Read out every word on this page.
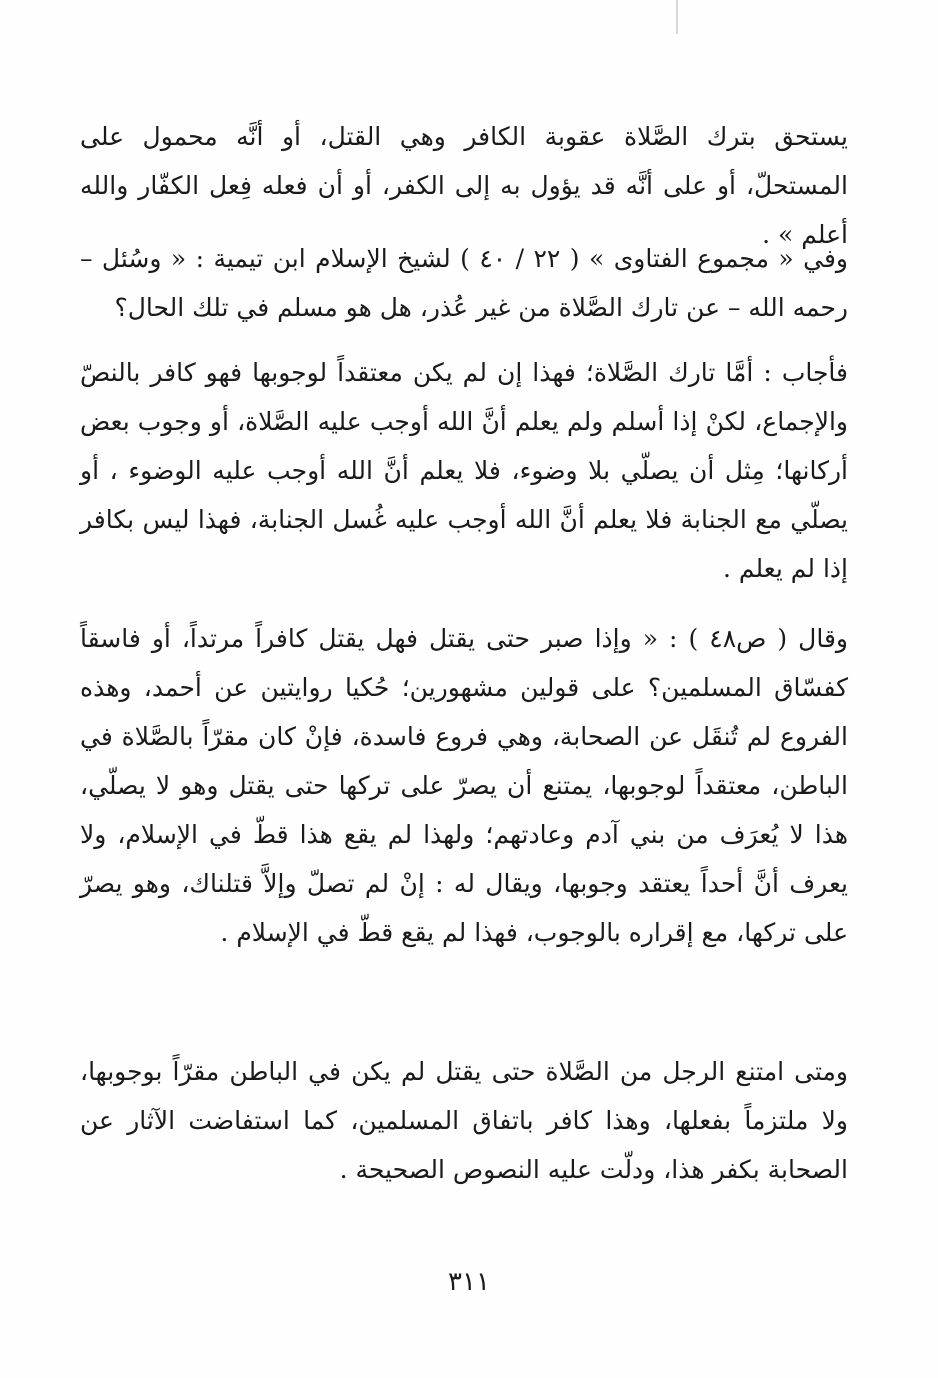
يستحق بترك الصَّلاة عقوبة الكافر وهي القتل، أو أنَّه محمول على المستحلّ، أو على أنَّه قد يؤول به إلى الكفر، أو أن فعله فِعل الكفّار والله أعلم » .

وفي « مجموع الفتاوى » ( ٢٢ / ٤٠ ) لشيخ الإسلام ابن تيمية : « وسُئل – رحمه الله – عن تارك الصَّلاة من غير عُذر، هل هو مسلم في تلك الحال؟

فأجاب : أمَّا تارك الصَّلاة؛ فهذا إن لم يكن معتقداً لوجوبها فهو كافر بالنصّ والإجماع، لكنْ إذا أسلم ولم يعلم أنَّ الله أوجب عليه الصَّلاة، أو وجوب بعض أركانها؛ مِثل أن يصلّي بلا وضوء، فلا يعلم أنَّ الله أوجب عليه الوضوء ، أو يصلّي مع الجنابة فلا يعلم أنَّ الله أوجب عليه غُسل الجنابة، فهذا ليس بكافر إذا لم يعلم .

وقال ( ص٤٨ ) : « وإذا صبر حتى يقتل فهل يقتل كافراً مرتداً، أو فاسقاً كفسّاق المسلمين؟ على قولين مشهورين؛ حُكيا روايتين عن أحمد، وهذه الفروع لم تُنقَل عن الصحابة، وهي فروع فاسدة، فإنْ كان مقرّاً بالصَّلاة في الباطن، معتقداً لوجوبها، يمتنع أن يصرّ على تركها حتى يقتل وهو لا يصلّي، هذا لا يُعرَف من بني آدم وعادتهم؛ ولهذا لم يقع هذا قطّ في الإسلام، ولا يعرف أنَّ أحداً يعتقد وجوبها، ويقال له : إنْ لم تصلّ وإلاَّ قتلناك، وهو يصرّ على تركها، مع إقراره بالوجوب، فهذا لم يقع قطّ في الإسلام .

ومتى امتنع الرجل من الصَّلاة حتى يقتل لم يكن في الباطن مقرّاً بوجوبها، ولا ملتزماً بفعلها، وهذا كافر باتفاق المسلمين، كما استفاضت الآثار عن الصحابة بكفر هذا، ودلّت عليه النصوص الصحيحة .

٣١١
